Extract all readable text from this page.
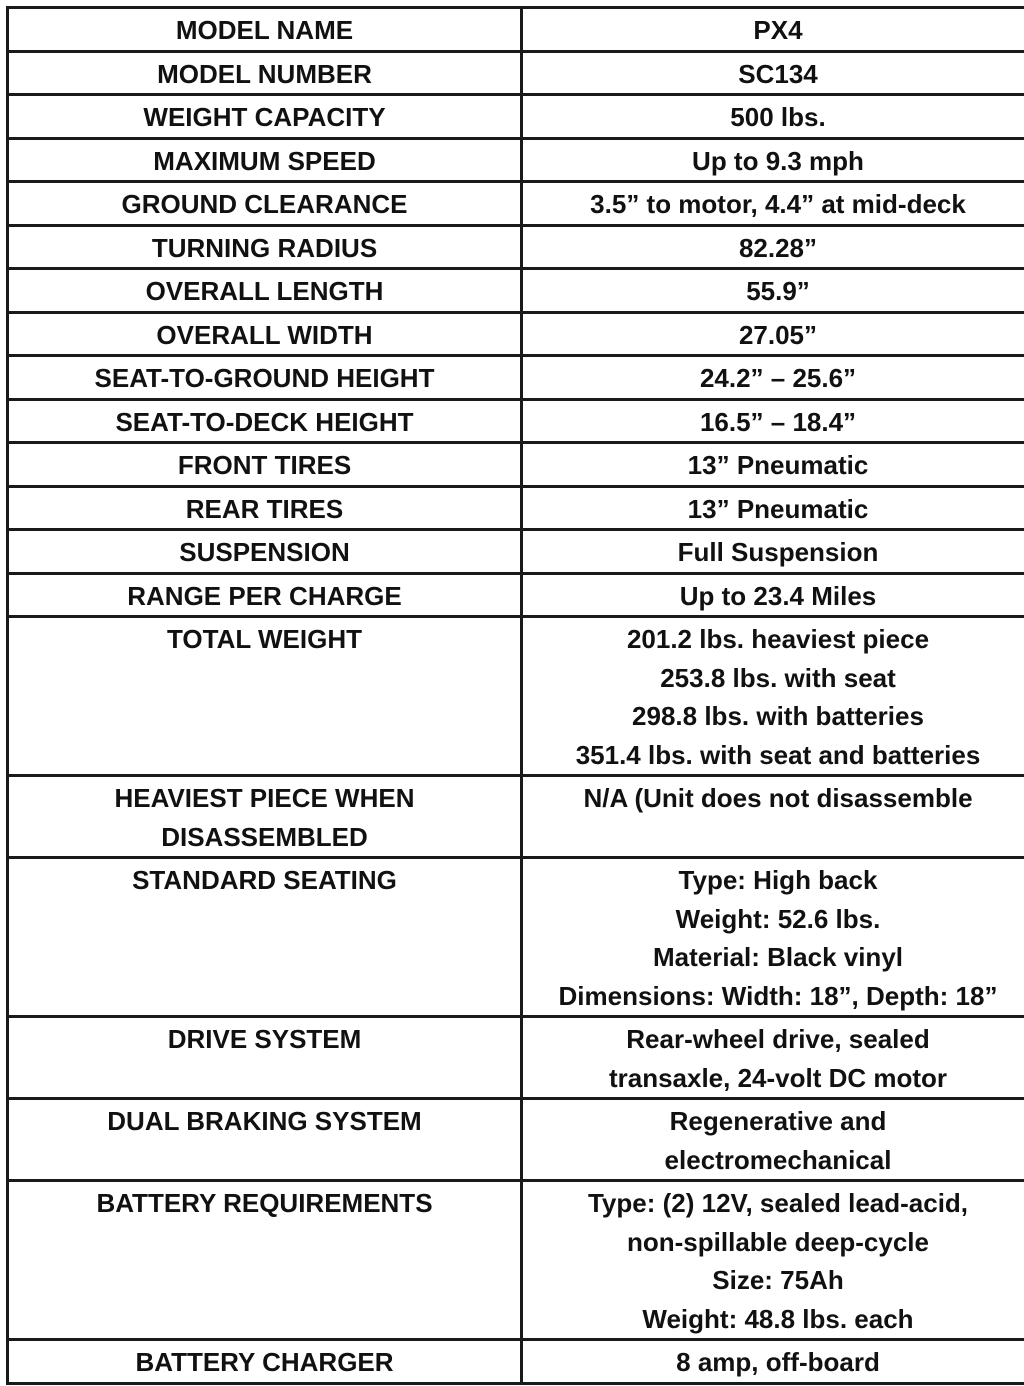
MODEL NAME	PX4

MODEL NUMBER	SC134

WEIGHT CAPACITY	500 lbs.

MAXIMUM SPEED	Up to 9.3 mph

GROUND CLEARANCE	3.5” to motor, 4.4” at mid-deck

TURNING RADIUS	82.28”

OVERALL LENGTH	55.9”

OVERALL WIDTH	27.05”

SEAT-TO-GROUND HEIGHT	24.2” – 25.6”

SEAT-TO-DECK HEIGHT	16.5” – 18.4”

FRONT TIRES	13” Pneumatic

REAR TIRES	13” Pneumatic

SUSPENSION	Full Suspension

RANGE PER CHARGE	Up to 23.4 Miles

TOTAL WEIGHT	201.2 lbs. heaviest piece
253.8 lbs. with seat
298.8 lbs. with batteries
351.4 lbs. with seat and batteries

HEAVIEST PIECE WHEN
DISASSEMBLED	N/A (Unit does not disassemble

STANDARD SEATING	Type: High back
Weight: 52.6 lbs.
Material: Black vinyl
Dimensions: Width: 18”, Depth: 18”

DRIVE SYSTEM	Rear-wheel drive, sealed
transaxle, 24-volt DC motor

DUAL BRAKING SYSTEM	Regenerative and
electromechanical

BATTERY REQUIREMENTS	Type: (2) 12V, sealed lead-acid,
non-spillable deep-cycle
Size: 75Ah
Weight: 48.8 lbs. each

BATTERY CHARGER	8 amp, off-board
